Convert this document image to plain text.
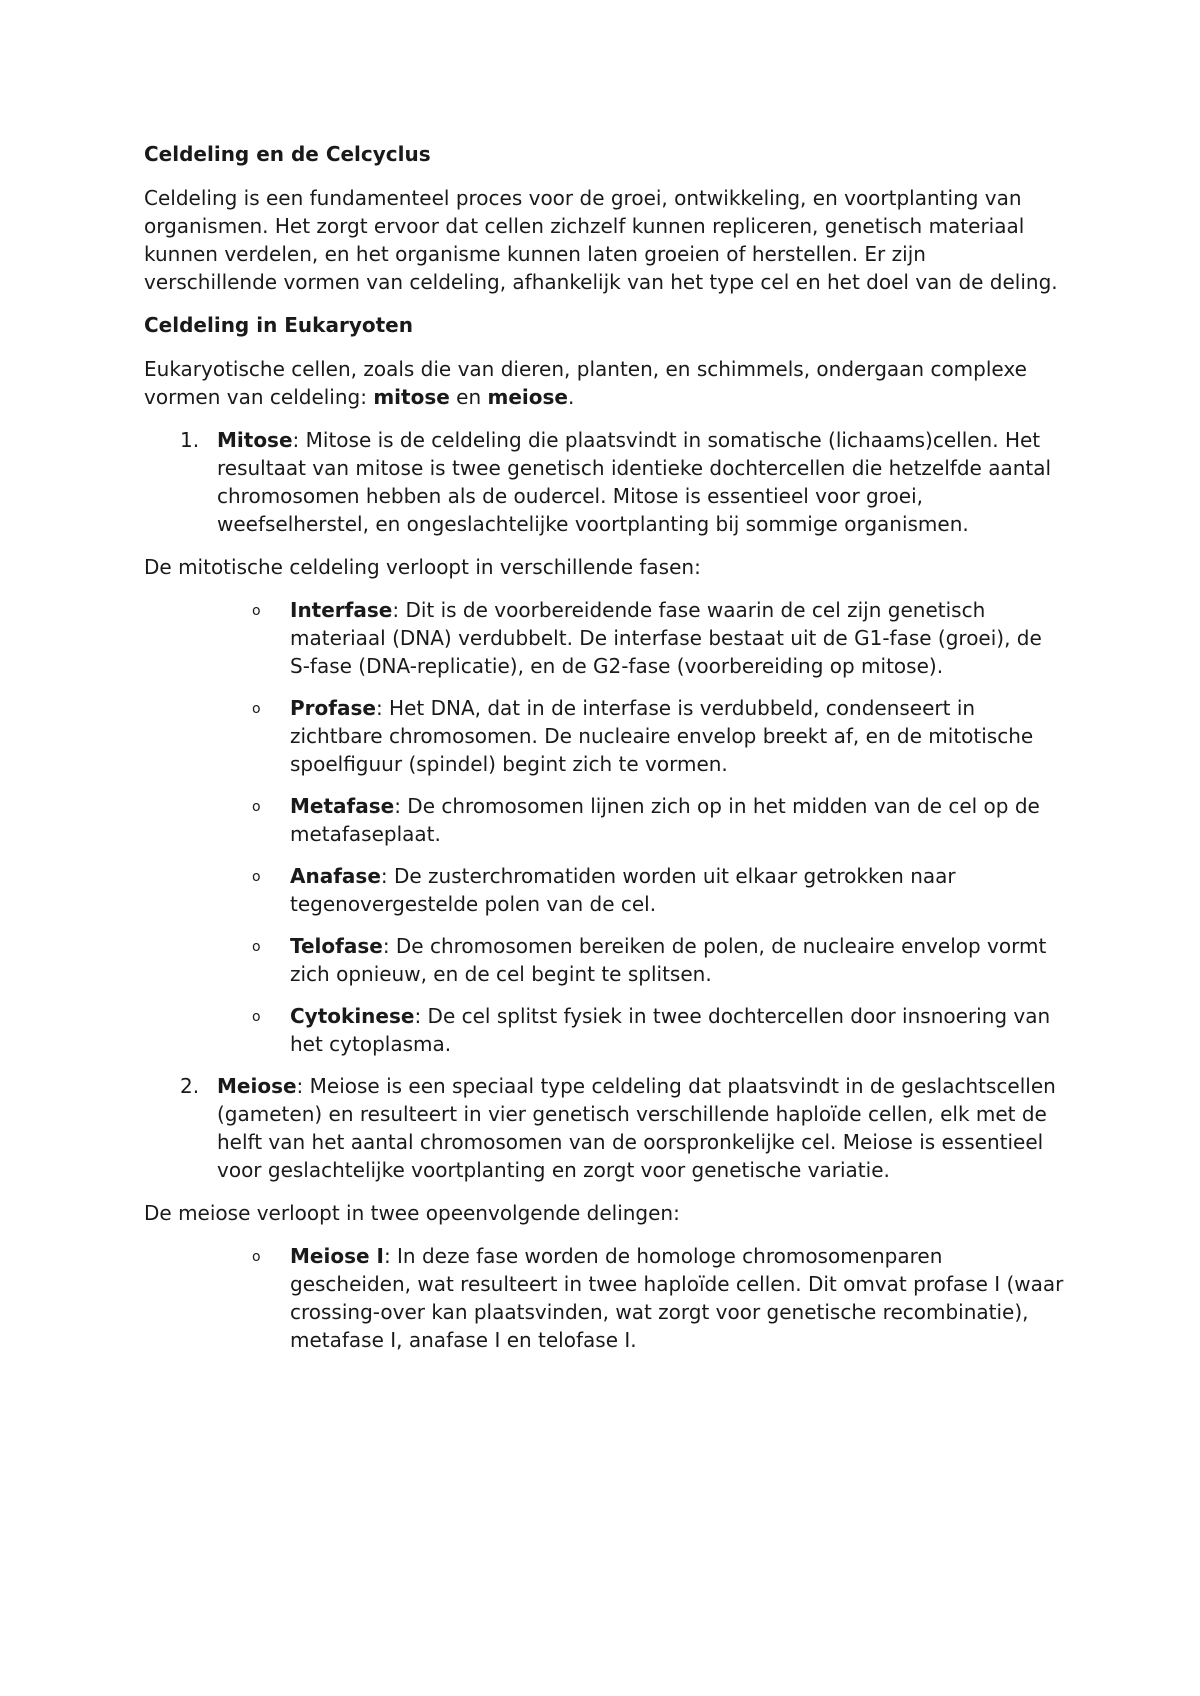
Celdeling en de Celcyclus

Celdeling is een fundamenteel proces voor de groei, ontwikkeling, en voortplanting van organismen. Het zorgt ervoor dat cellen zichzelf kunnen repliceren, genetisch materiaal kunnen verdelen, en het organisme kunnen laten groeien of herstellen. Er zijn verschillende vormen van celdeling, afhankelijk van het type cel en het doel van de deling.

Celdeling in Eukaryoten

Eukaryotische cellen, zoals die van dieren, planten, en schimmels, ondergaan complexe vormen van celdeling: mitose en meiose.

1. Mitose: Mitose is de celdeling die plaatsvindt in somatische (lichaams)cellen. Het resultaat van mitose is twee genetisch identieke dochtercellen die hetzelfde aantal chromosomen hebben als de oudercel. Mitose is essentieel voor groei, weefselherstel, en ongeslachtelijke voortplanting bij sommige organismen.

De mitotische celdeling verloopt in verschillende fasen:

o Interfase: Dit is de voorbereidende fase waarin de cel zijn genetisch materiaal (DNA) verdubbelt. De interfase bestaat uit de G1-fase (groei), de S-fase (DNA-replicatie), en de G2-fase (voorbereiding op mitose).
o Profase: Het DNA, dat in de interfase is verdubbeld, condenseert in zichtbare chromosomen. De nucleaire envelop breekt af, en de mitotische spoelfiguur (spindel) begint zich te vormen.
o Metafase: De chromosomen lijnen zich op in het midden van de cel op de metafaseplaat.
o Anafase: De zusterchromatiden worden uit elkaar getrokken naar tegenovergestelde polen van de cel.
o Telofase: De chromosomen bereiken de polen, de nucleaire envelop vormt zich opnieuw, en de cel begint te splitsen.
o Cytokinese: De cel splitst fysiek in twee dochtercellen door insnoering van het cytoplasma.
2. Meiose: Meiose is een speciaal type celdeling dat plaatsvindt in de geslachtscellen (gameten) en resulteert in vier genetisch verschillende haploïde cellen, elk met de helft van het aantal chromosomen van de oorspronkelijke cel. Meiose is essentieel voor geslachtelijke voortplanting en zorgt voor genetische variatie.

De meiose verloopt in twee opeenvolgende delingen:

o Meiose I: In deze fase worden de homologe chromosomenparen gescheiden, wat resulteert in twee haploïde cellen. Dit omvat profase I (waar crossing-over kan plaatsvinden, wat zorgt voor genetische recombinatie), metafase I, anafase I en telofase I.
